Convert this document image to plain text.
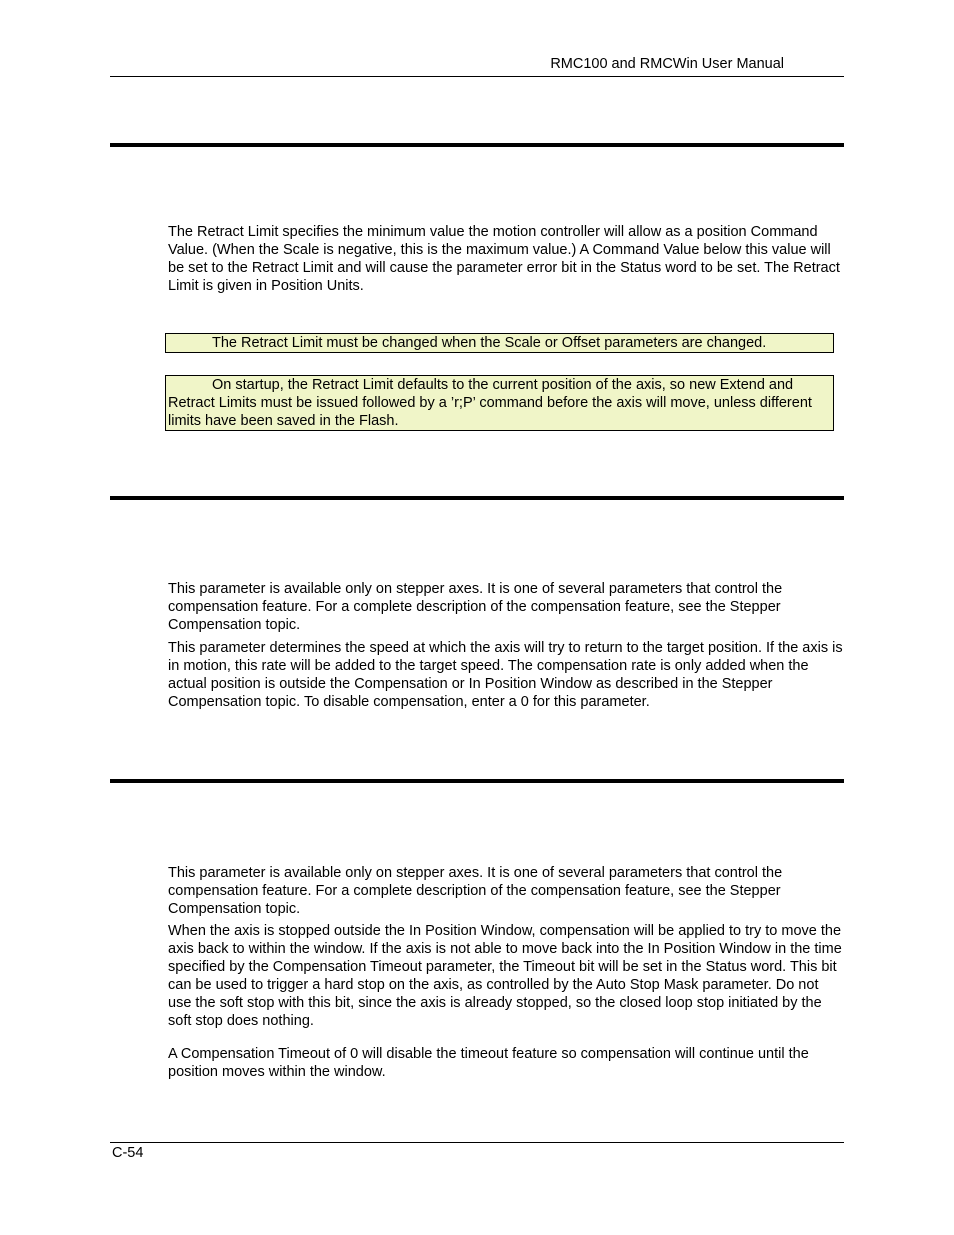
RMC100 and RMCWin User Manual

The Retract Limit specifies the minimum value the motion controller will allow as a position Command Value. (When the Scale is negative, this is the maximum value.) A Command Value below this value will be set to the Retract Limit and will cause the parameter error bit in the Status word to be set. The Retract Limit is given in Position Units.

The Retract Limit must be changed when the Scale or Offset parameters are changed.
On startup, the Retract Limit defaults to the current position of the axis, so new Extend and Retract Limits must be issued followed by a ’r;P’ command before the axis will move, unless different limits have been saved in the Flash.

This parameter is available only on stepper axes. It is one of several parameters that control the compensation feature. For a complete description of the compensation feature, see the Stepper Compensation topic.

This parameter determines the speed at which the axis will try to return to the target position. If the axis is in motion, this rate will be added to the target speed. The compensation rate is only added when the actual position is outside the Compensation or In Position Window as described in the Stepper Compensation topic. To disable compensation, enter a 0 for this parameter.

This parameter is available only on stepper axes. It is one of several parameters that control the compensation feature. For a complete description of the compensation feature, see the Stepper Compensation topic.

When the axis is stopped outside the In Position Window, compensation will be applied to try to move the axis back to within the window. If the axis is not able to move back into the In Position Window in the time specified by the Compensation Timeout parameter, the Timeout bit will be set in the Status word. This bit can be used to trigger a hard stop on the axis, as controlled by the Auto Stop Mask parameter. Do not use the soft stop with this bit, since the axis is already stopped, so the closed loop stop initiated by the soft stop does nothing.

A Compensation Timeout of 0 will disable the timeout feature so compensation will continue until the position moves within the window.

C-54
